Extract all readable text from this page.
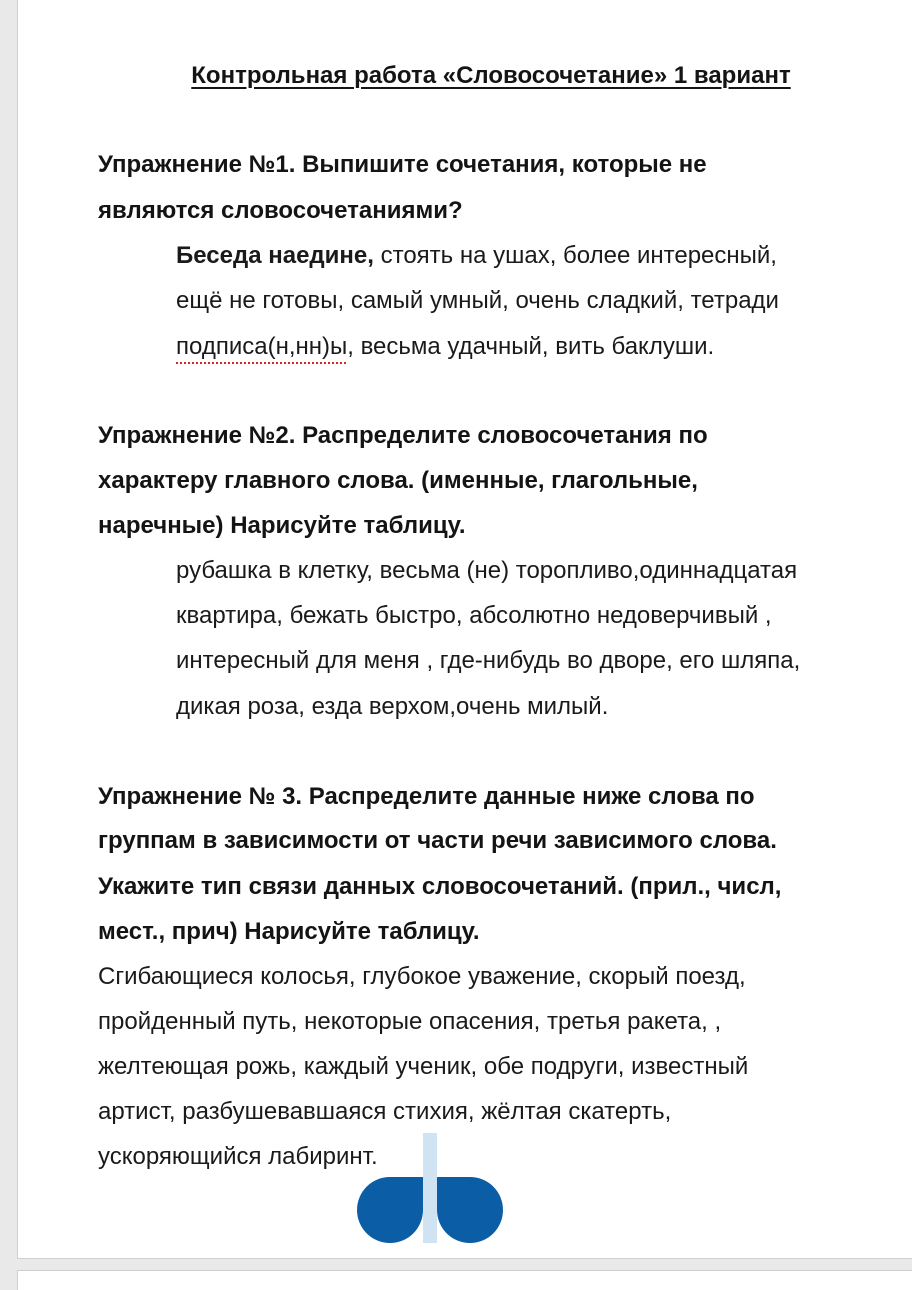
Контрольная работа «Словосочетание» 1 вариант
Упражнение №1. Выпишите сочетания, которые не
являются словосочетаниями?
Беседа наедине, стоять на ушах, более интересный,
ещё не готовы, самый умный, очень сладкий, тетради
подписа(н,нн)ы, весьма удачный, вить баклуши.
Упражнение №2. Распределите словосочетания по
характеру главного слова. (именные, глагольные,
наречные) Нарисуйте таблицу.
рубашка в клетку, весьма (не) торопливо,одиннадцатая
квартира, бежать быстро, абсолютно недоверчивый ,
интересный для меня , где-нибудь во дворе, его шляпа,
дикая роза, езда верхом,очень милый.
Упражнение № 3. Распределите данные ниже слова по
группам в зависимости от части речи зависимого слова.
Укажите тип связи данных словосочетаний. (прил., числ,
мест., прич) Нарисуйте таблицу.
Сгибающиеся колосья, глубокое уважение, скорый поезд,
пройденный путь, некоторые опасения, третья ракета, ,
желтеющая рожь, каждый ученик, обе подруги, известный
артист, разбушевавшаяся стихия, жёлтая скатерть,
ускоряющийся лабиринт.
